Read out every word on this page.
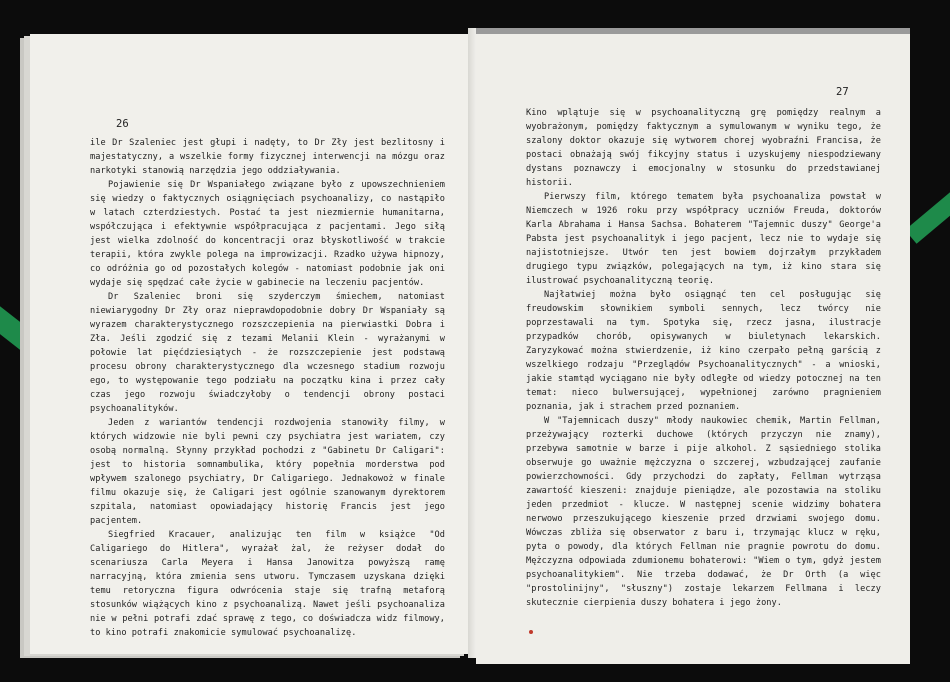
26

ile Dr Szaleniec jest głupi i nadęty, to Dr Zły jest bezlitosny i majestatyczny, a wszelkie formy fizycznej interwencji na mózgu oraz narkotyki stanowią narzędzia jego oddziaływania.

Pojawienie się Dr Wspaniałego związane było z upowszechnieniem się wiedzy o faktycznych osiągnięciach psychoanalizy, co nastąpiło w latach czterdziestych. Postać ta jest niezmiernie humanitarna, współczująca i efektywnie współpracująca z pacjentami. Jego siłą jest wielka zdolność do koncentracji oraz błyskotliwość w trakcie terapii, która zwykle polega na improwizacji. Rzadko używa hipnozy, co odróżnia go od pozostałych kolegów - natomiast podobnie jak oni wydaje się spędzać całe życie w gabinecie na leczeniu pacjentów.

Dr Szaleniec broni się szyderczym śmiechem, natomiast niewiarygodny Dr Zły oraz nieprawdopodobnie dobry Dr Wspaniały są wyrazem charakterystycznego rozszczepienia na pierwiastki Dobra i Zła. Jeśli zgodzić się z tezami Melanii Klein - wyrażanymi w połowie lat pięćdziesiątych - że rozszczepienie jest podstawą procesu obrony charakterystycznego dla wczesnego stadium rozwoju ego, to występowanie tego podziału na początku kina i przez cały czas jego rozwoju świadczyłoby o tendencji obrony postaci psychoanalityków.

Jeden z wariantów tendencji rozdwojenia stanowiły filmy, w których widzowie nie byli pewni czy psychiatra jest wariatem, czy osobą normalną. Słynny przykład pochodzi z "Gabinetu Dr Caligari": jest to historia somnambulika, który popełnia morderstwa pod wpływem szalonego psychiatry, Dr Caligariego. Jednakowoż w finale filmu okazuje się, że Caligari jest ogólnie szanowanym dyrektorem szpitala, natomiast opowiadający historię Francis jest jego pacjentem.

Siegfried Kracauer, analizując ten film w książce "Od Caligariego do Hitlera", wyrażał żal, że reżyser dodał do scenariusza Carla Meyera i Hansa Janowitza powyższą ramę narracyjną, która zmienia sens utworu. Tymczasem uzyskana dzięki temu retoryczna figura odwrócenia staje się trafną metaforą stosunków wiążących kino z psychoanalizą. Nawet jeśli psychoanaliza nie w pełni potrafi zdać sprawę z tego, co doświadcza widz filmowy, to kino potrafi znakomicie symulować psychoanalizę.

27

Kino wplątuje się w psychoanalityczną grę pomiędzy realnym a wyobrażonym, pomiędzy faktycznym a symulowanym w wyniku tego, że szalony doktor okazuje się wytworem chorej wyobraźni Francisa, że postaci obnażają swój fikcyjny status i uzyskujemy niespodziewany dystans poznawczy i emocjonalny w stosunku do przedstawianej historii.

Pierwszy film, którego tematem była psychoanaliza powstał w Niemczech w 1926 roku przy współpracy uczniów Freuda, doktorów Karla Abrahama i Hansa Sachsa. Bohaterem "Tajemnic duszy" George'a Pabsta jest psychoanalityk i jego pacjent, lecz nie to wydaje się najistotniejsze. Utwór ten jest bowiem dojrzałym przykładem drugiego typu związków, polegających na tym, iż kino stara się ilustrować psychoanalityczną teorię.

Najłatwiej można było osiągnąć ten cel posługując się freudowskim słownikiem symboli sennych, lecz twórcy nie poprzestawali na tym. Spotyka się, rzecz jasna, ilustracje przypadków chorób, opisywanych w biuletynach lekarskich. Zaryzykować można stwierdzenie, iż kino czerpało pełną garścią z wszelkiego rodzaju "Przeglądów Psychoanalitycznych" - a wnioski, jakie stamtąd wyciągano nie były odległe od wiedzy potocznej na ten temat: nieco bulwersującej, wypełnionej zarówno pragnieniem poznania, jak i strachem przed poznaniem.

W "Tajemnicach duszy" młody naukowiec chemik, Martin Fellman, przeżywający rozterki duchowe (których przyczyn nie znamy), przebywa samotnie w barze i pije alkohol. Z sąsiedniego stolika obserwuje go uważnie mężczyzna o szczerej, wzbudzającej zaufanie powierzchowności. Gdy przychodzi do zapłaty, Fellman wytrząsa zawartość kieszeni: znajduje pieniądze, ale pozostawia na stoliku jeden przedmiot - klucze. W następnej scenie widzimy bohatera nerwowo przeszukującego kieszenie przed drzwiami swojego domu. Wówczas zbliża się obserwator z baru i, trzymając klucz w ręku, pyta o powody, dla których Fellman nie pragnie powrotu do domu. Mężczyzna odpowiada zdumionemu bohaterowi: "Wiem o tym, gdyż jestem psychoanalitykiem". Nie trzeba dodawać, że Dr Orth (a więc "prostolinijny", "słuszny") zostaje lekarzem Fellmana i leczy skutecznie cierpienia duszy bohatera i jego żony.
